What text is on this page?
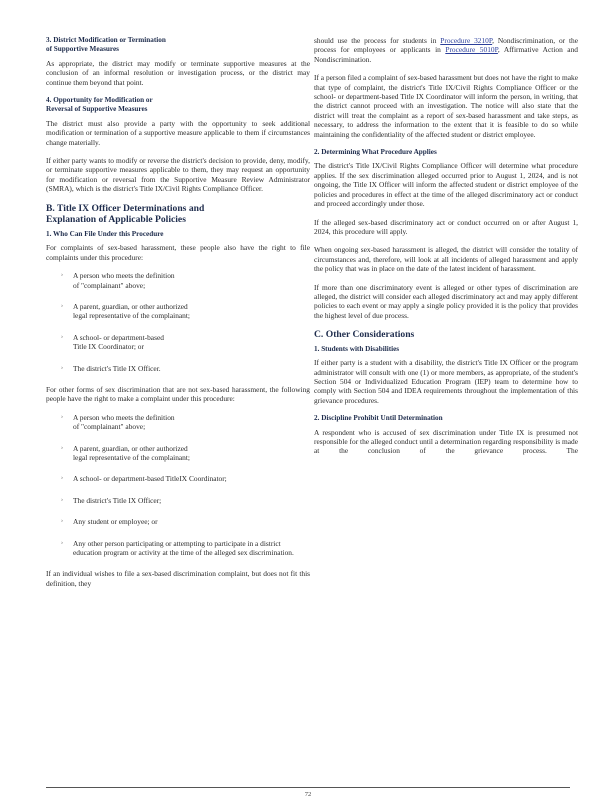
3. District Modification or Termination
of Supportive Measures

As appropriate, the district may modify or terminate supportive measures at the conclusion of an informal resolution or investigation process, or the district may continue them beyond that point.

4. Opportunity for Modification or
Reversal of Supportive Measures

The district must also provide a party with the opportunity to seek additional modification or termination of a supportive measure applicable to them if circumstances change materially.

If either party wants to modify or reverse the district's decision to provide, deny, modify, or terminate supportive measures applicable to them, they may request an opportunity for modification or reversal from the Supportive Measure Review Administrator (SMRA), which is the district's Title IX/Civil Rights Compliance Officer.

B. Title IX Officer Determinations and
Explanation of Applicable Policies
1. Who Can File Under this Procedure

For complaints of sex-based harassment, these people also have the right to file complaints under this procedure:

› A person who meets the definition
of "complainant" above;
› A parent, guardian, or other authorized
legal representative of the complainant;
› A school- or department-based
Title IX Coordinator; or
› The district's Title IX Officer.

For other forms of sex discrimination that are not sex-based harassment, the following people have the right to make a complaint under this procedure:

› A person who meets the definition
of "complainant" above;
› A parent, guardian, or other authorized
legal representative of the complainant;
› A school- or department-based TitleIX Coordinator;
› The district's Title IX Officer;
› Any student or employee; or
› Any other person participating or attempting to participate in a district education program or activity at the time of the alleged sex discrimination.

If an individual wishes to file a sex-based discrimination complaint, but does not fit this definition, they

should use the process for students in Procedure 3210P, Nondiscrimination, or the process for employees or applicants in Procedure 5010P, Affirmative Action and Nondiscrimination.

If a person filed a complaint of sex-based harassment but does not have the right to make that type of complaint, the district's Title IX/Civil Rights Compliance Officer or the school- or department-based Title IX Coordinator will inform the person, in writing, that the district cannot proceed with an investigation. The notice will also state that the district will treat the complaint as a report of sex-based harassment and take steps, as necessary, to address the information to the extent that it is feasible to do so while maintaining the confidentiality of the affected student or district employee.

2. Determining What Procedure Applies

The district's Title IX/Civil Rights Compliance Officer will determine what procedure applies. If the sex discrimination alleged occurred prior to August 1, 2024, and is not ongoing, the Title IX Officer will inform the affected student or district employee of the policies and procedures in effect at the time of the alleged discriminatory act or conduct and proceed accordingly under those.

If the alleged sex-based discriminatory act or conduct occurred on or after August 1, 2024, this procedure will apply.

When ongoing sex-based harassment is alleged, the district will consider the totality of circumstances and, therefore, will look at all incidents of alleged harassment and apply the policy that was in place on the date of the latest incident of harassment.

If more than one discriminatory event is alleged or other types of discrimination are alleged, the district will consider each alleged discriminatory act and may apply different policies to each event or may apply a single policy provided it is the policy that provides the highest level of due process.

C. Other Considerations
1. Students with Disabilities

If either party is a student with a disability, the district's Title IX Officer or the program administrator will consult with one (1) or more members, as appropriate, of the student's Section 504 or Individualized Education Program (IEP) team to determine how to comply with Section 504 and IDEA requirements throughout the implementation of this grievance procedures.

2. Discipline Prohibit Until Determination

A respondent who is accused of sex discrimination under Title IX is presumed not responsible for the alleged conduct until a determination regarding responsibility is made at the conclusion of the grievance process. The

72
